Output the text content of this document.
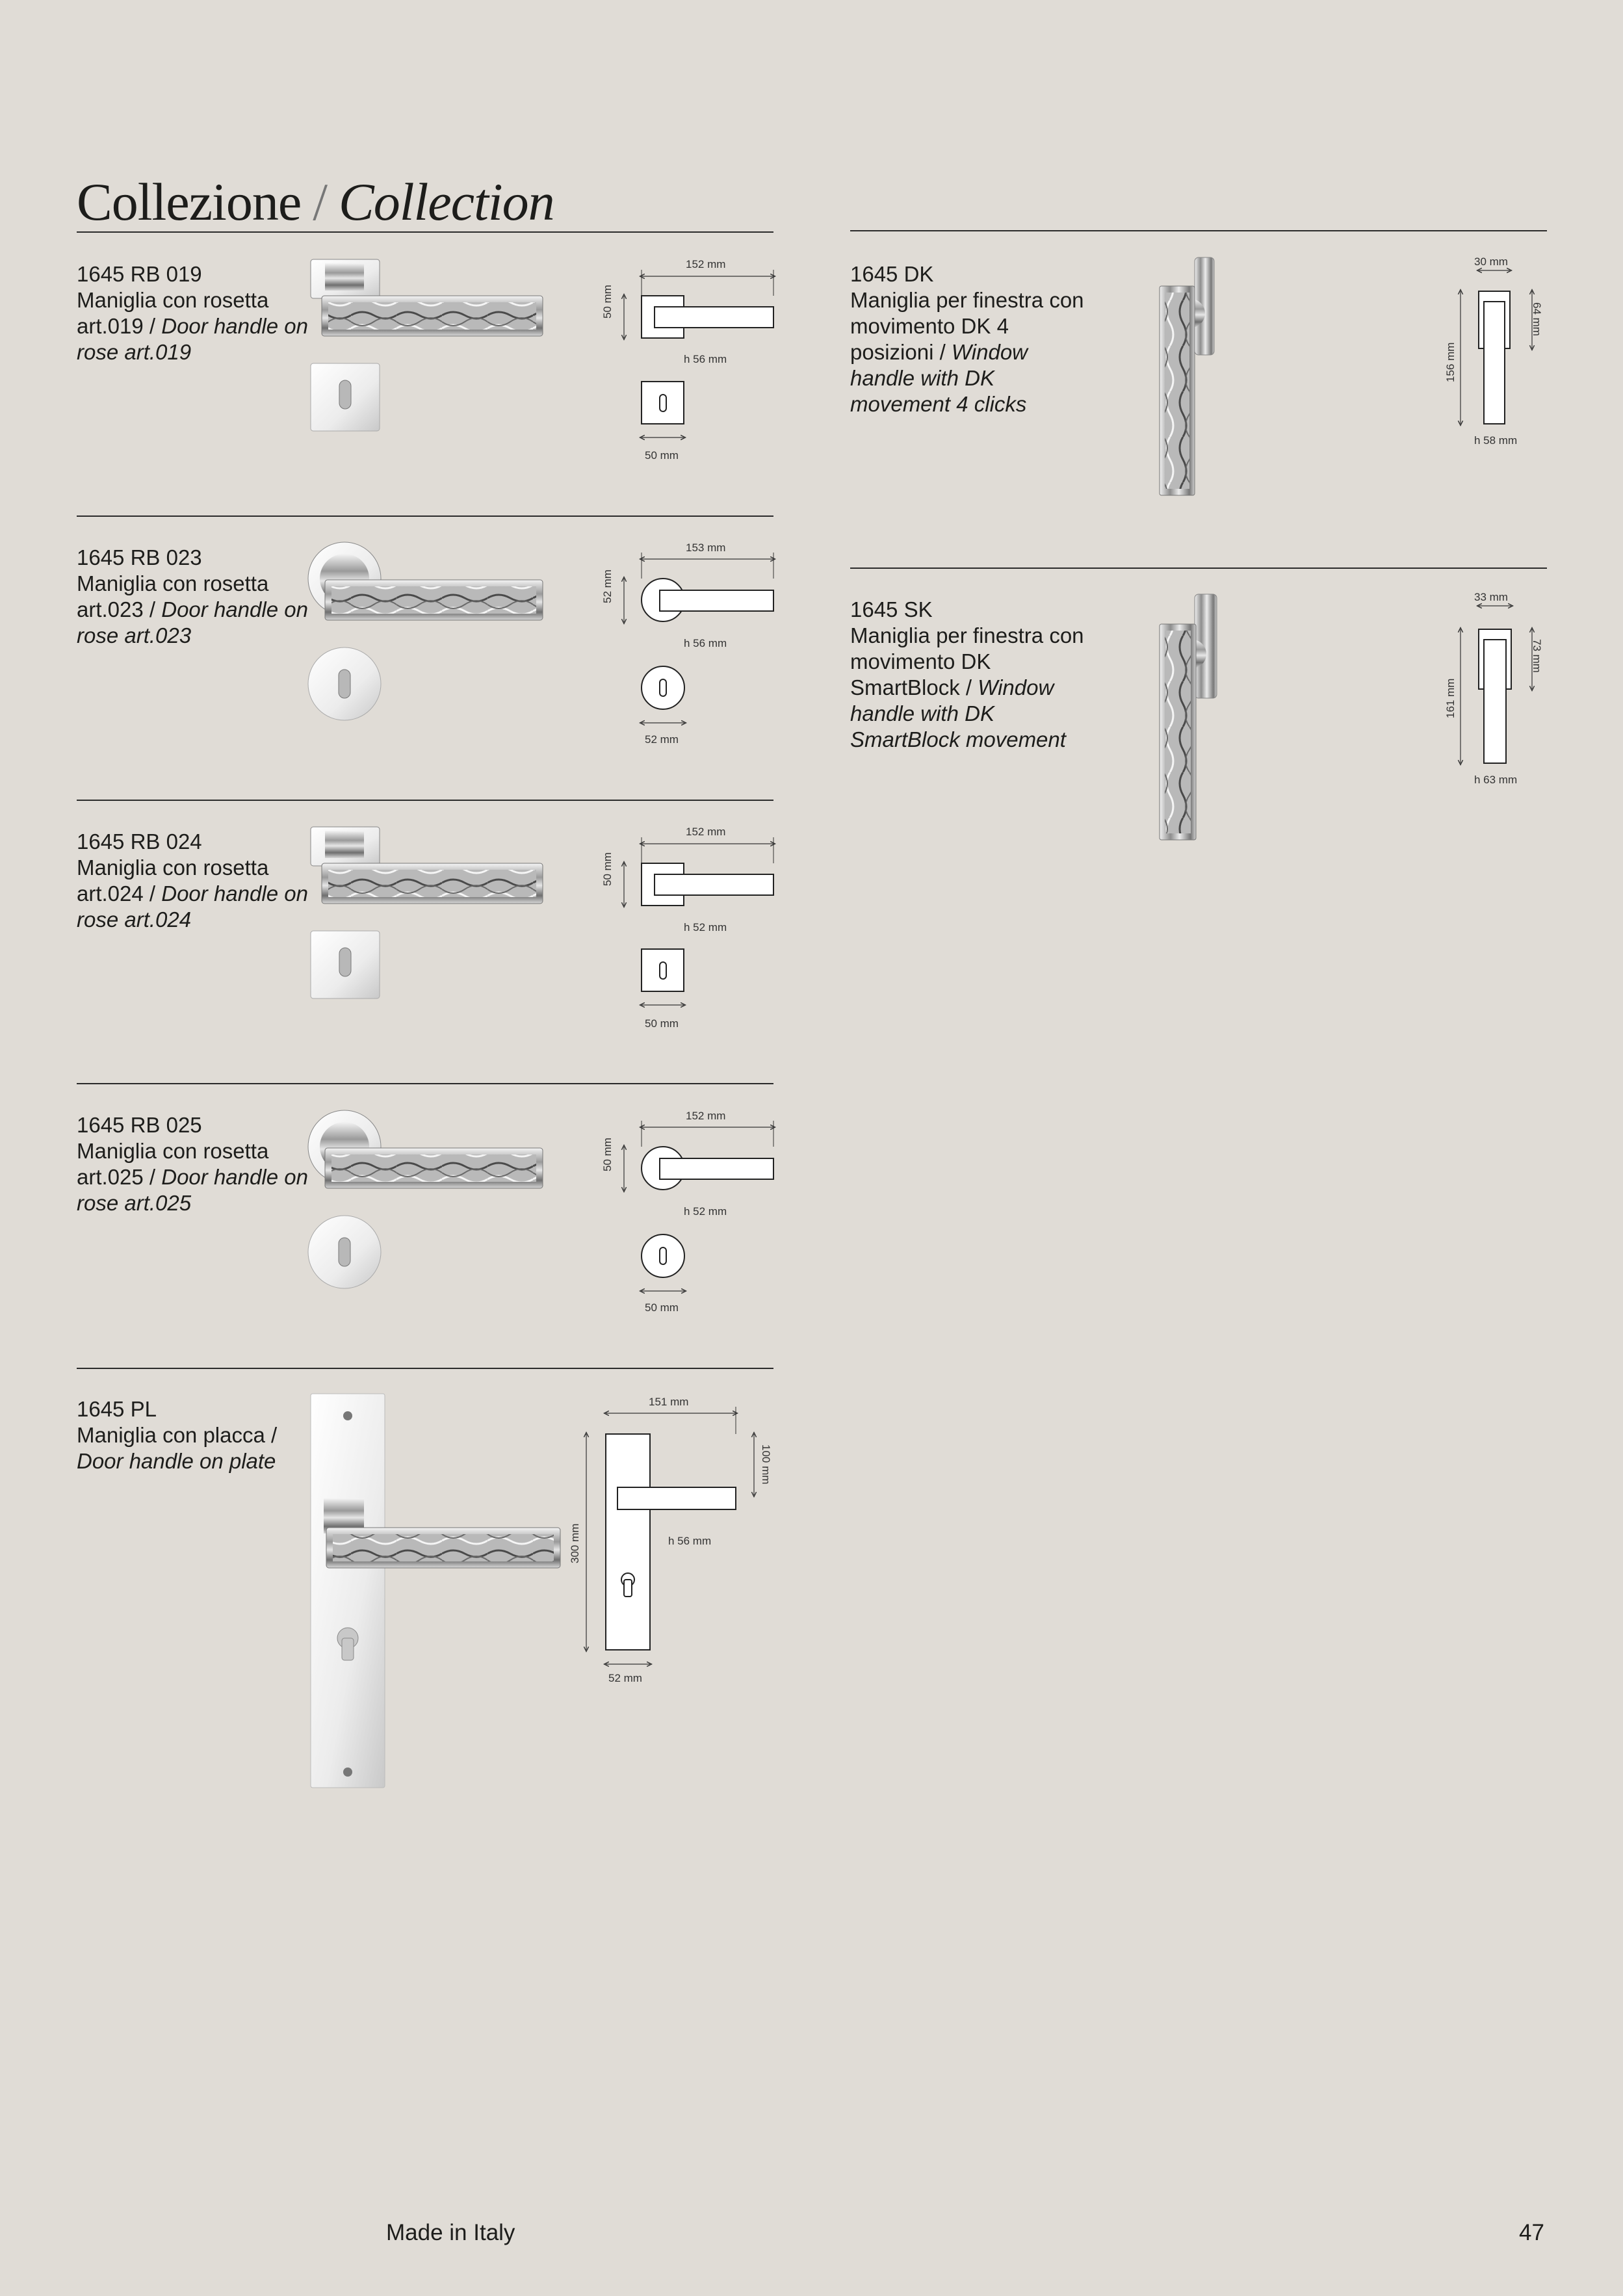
Collezione / Collection
1645 RB 019
Maniglia con rosetta art.019 / Door handle on rose art.019
152 mm
50 mm
h 56 mm
50 mm
1645 RB 023
Maniglia con rosetta art.023 / Door handle on rose art.023
153 mm
52 mm
h 56 mm
52 mm
1645 RB 024
Maniglia con rosetta art.024 / Door handle on rose art.024
152 mm
50 mm
h 52 mm
50 mm
1645 RB 025
Maniglia con rosetta art.025 / Door handle on rose art.025
152 mm
50 mm
h 52 mm
50 mm
1645 PL
Maniglia con placca / Door handle on plate
151 mm
100 mm
300 mm	h 56 mm
52 mm
1645 DK
Maniglia per finestra con movimento DK 4 posizioni / Window handle with DK movement 4 clicks
30 mm
156 mm
64 mm
h 58 mm
1645 SK
Maniglia per finestra con movimento DK SmartBlock / Window handle with DK SmartBlock movement
33 mm
161 mm
73 mm
h 63 mm
Made in Italy	47
